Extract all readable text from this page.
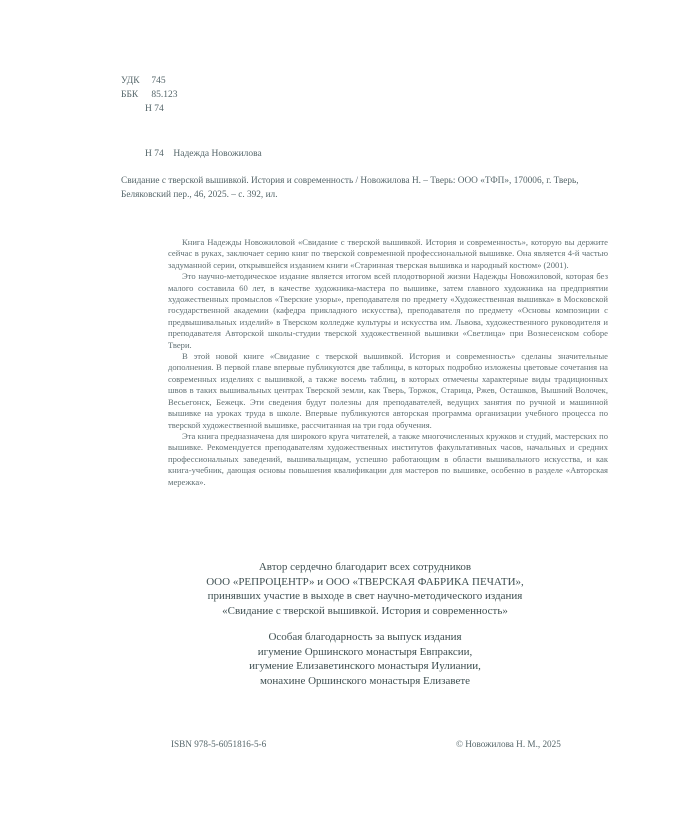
УДК 745
ББК 85.123
Н 74
Н 74 Надежда Новожилова
Свидание с тверской вышивкой. История и современность / Новожилова Н. – Тверь: ООО «ТФП», 170006, г. Тверь, Беляковский пер., 46, 2025. – с. 392, ил.

Книга Надежды Новожиловой «Свидание с тверской вышивкой. История и современность», которую вы держите сейчас в руках, заключает серию книг по тверской современной профессиональной вышивке. Она является 4-й частью задуманной серии, открывшейся изданием книги «Старинная тверская вышивка и народный костюм» (2001).

Это научно-методическое издание является итогом всей плодотворной жизни Надежды Новожиловой, которая без малого составила 60 лет, в качестве художника-мастера по вышивке, затем главного художника на предприятии художественных промыслов «Тверские узоры», преподавателя по предмету «Художественная вышивка» в Московской государственной академии (кафедра прикладного искусства), преподавателя по предмету «Основы композиции с предвышивальных изделий» в Тверском колледже культуры и искусства им. Львова, художественного руководителя и преподавателя Авторской школы-студии тверской художественной вышивки «Светлица» при Вознесенском соборе Твери.

В этой новой книге «Свидание с тверской вышивкой. История и современность» сделаны значительные дополнения. В первой главе впервые публикуются две таблицы, в которых подробно изложены цветовые сочетания на современных изделиях с вышивкой, а также восемь таблиц, в которых отмечены характерные виды традиционных швов в таких вышивальных центрах Тверской земли, как Тверь, Торжок, Старица, Ржев, Осташков, Вышний Волочек, Весьегонск, Бежецк. Эти сведения будут полезны для преподавателей, ведущих занятия по ручной и машинной вышивке на уроках труда в школе. Впервые публикуются авторская программа организации учебного процесса по тверской художественной вышивке, рассчитанная на три года обучения.

Эта книга предназначена для широкого круга читателей, а также многочисленных кружков и студий, мастерских по вышивке. Рекомендуется преподавателям художественных институтов факультативных часов, начальных и средних профессиональных заведений, вышивальщицам, успешно работающим в области вышивального искусства, и как книга-учебник, дающая основы повышения квалификации для мастеров по вышивке, особенно в разделе «Авторская мережка».

Автор сердечно благодарит всех сотрудников
ООО «РЕПРОЦЕНТР» и ООО «ТВЕРСКАЯ ФАБРИКА ПЕЧАТИ»,
принявших участие в выходе в свет научно-методического издания
«Свидание с тверской вышивкой. История и современность»
Особая благодарность за выпуск издания
игумение Оршинского монастыря Евпраксии,
игумение Елизаветинского монастыря Иулиании,
монахине Оршинского монастыря Елизавете
ISBN 978-5-6051816-5-6	© Новожилова Н. М., 2025
